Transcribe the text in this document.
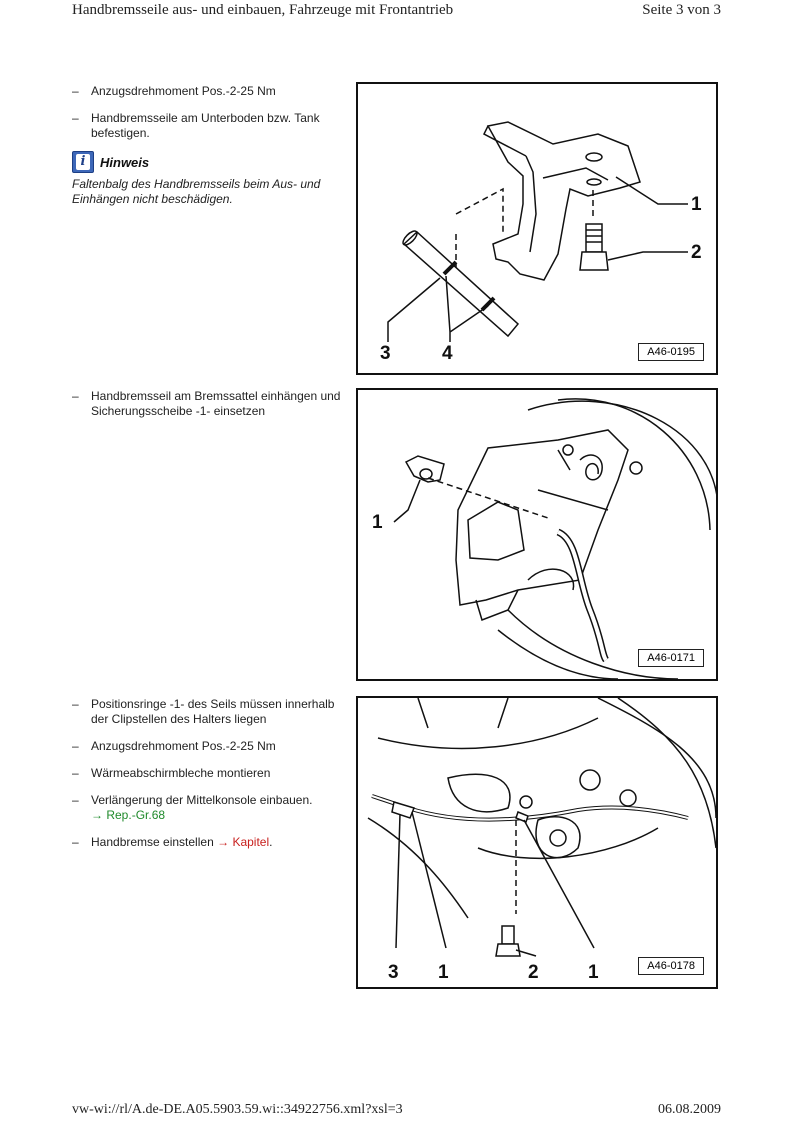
Handbremsseile aus- und einbauen, Fahrzeuge mit Frontantrieb	Seite 3 von 3
– Anzugsdrehmoment Pos.-2-25 Nm
– Handbremsseile am Unterboden bzw. Tank befestigen.
i	Hinweis
Faltenbalg des Handbremsseils beim Aus- und Einhängen nicht beschädigen.	1
2
3	4	A46-0195
– Handbremsseil am Bremssattel einhängen und Sicherungsscheibe -1- einsetzen
1
A46-0171
– Positionsringe -1- des Seils müssen innerhalb der Clipstellen des Halters liegen
– Anzugsdrehmoment Pos.-2-25 Nm
– Wärmeabschirmbleche montieren
– Verlängerung der Mittelkonsole einbauen.
→ Rep.-Gr.68
– Handbremse einstellen → Kapitel.
3 1	2	1	A46-0178
vw-wi://rl/A.de-DE.A05.5903.59.wi::34922756.xml?xsl=3	06.08.2009
